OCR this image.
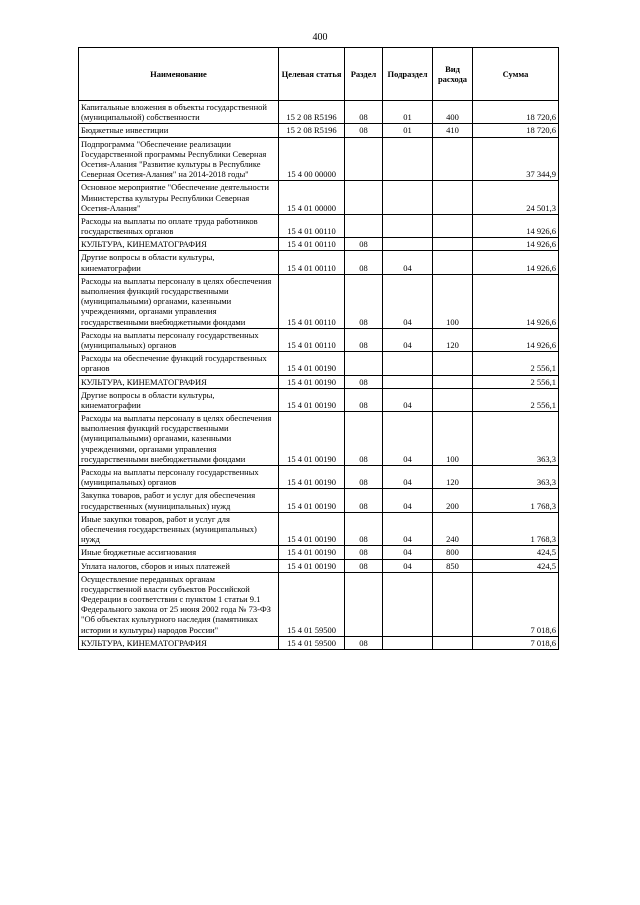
400
Наименование	Целевая статья	Раздел	Подраздел	Вид расхода	Сумма
Капитальные вложения в объекты государственной (муниципальной) собственности	15 2 08 R5196	08	01	400	18 720,6
Бюджетные инвестиции	15 2 08 R5196	08	01	410	18 720,6
Подпрограмма "Обеспечение реализации Государственной программы Республики Северная Осетия-Алания "Развитие культуры в Республике Северная Осетия-Алания" на 2014-2018 годы"	15 4 00 00000				37 344,9
Основное мероприятие "Обеспечение деятельности Министерства культуры Республики Северная Осетия-Алания"	15 4 01 00000				24 501,3
Расходы на выплаты по оплате труда работников государственных органов	15 4 01 00110				14 926,6
КУЛЬТУРА, КИНЕМАТОГРАФИЯ	15 4 01 00110	08			14 926,6
Другие вопросы в области культуры, кинематографии	15 4 01 00110	08	04		14 926,6
Расходы на выплаты персоналу в целях обеспечения выполнения функций государственными (муниципальными) органами, казенными учреждениями, органами управления государственными внебюджетными фондами	15 4 01 00110	08	04	100	14 926,6
Расходы на выплаты персоналу государственных (муниципальных) органов	15 4 01 00110	08	04	120	14 926,6
Расходы на обеспечение функций государственных органов	15 4 01 00190				2 556,1
КУЛЬТУРА, КИНЕМАТОГРАФИЯ	15 4 01 00190	08			2 556,1
Другие вопросы в области культуры, кинематографии	15 4 01 00190	08	04		2 556,1
Расходы на выплаты персоналу в целях обеспечения выполнения функций государственными (муниципальными) органами, казенными учреждениями, органами управления государственными внебюджетными фондами	15 4 01 00190	08	04	100	363,3
Расходы на выплаты персоналу государственных (муниципальных) органов	15 4 01 00190	08	04	120	363,3
Закупка товаров, работ и услуг для обеспечения государственных (муниципальных) нужд	15 4 01 00190	08	04	200	1 768,3
Иные закупки товаров, работ и услуг для обеспечения государственных (муниципальных) нужд	15 4 01 00190	08	04	240	1 768,3
Иные бюджетные ассигнования	15 4 01 00190	08	04	800	424,5
Уплата налогов, сборов и иных платежей	15 4 01 00190	08	04	850	424,5
Осуществление переданных органам государственной власти субъектов Российской Федерации в соответствии с пунктом 1 статьи 9.1 Федерального закона от 25 июня 2002 года № 73-ФЗ "Об объектах культурного наследия (памятниках истории и культуры) народов России"	15 4 01 59500				7 018,6
КУЛЬТУРА, КИНЕМАТОГРАФИЯ	15 4 01 59500	08			7 018,6
